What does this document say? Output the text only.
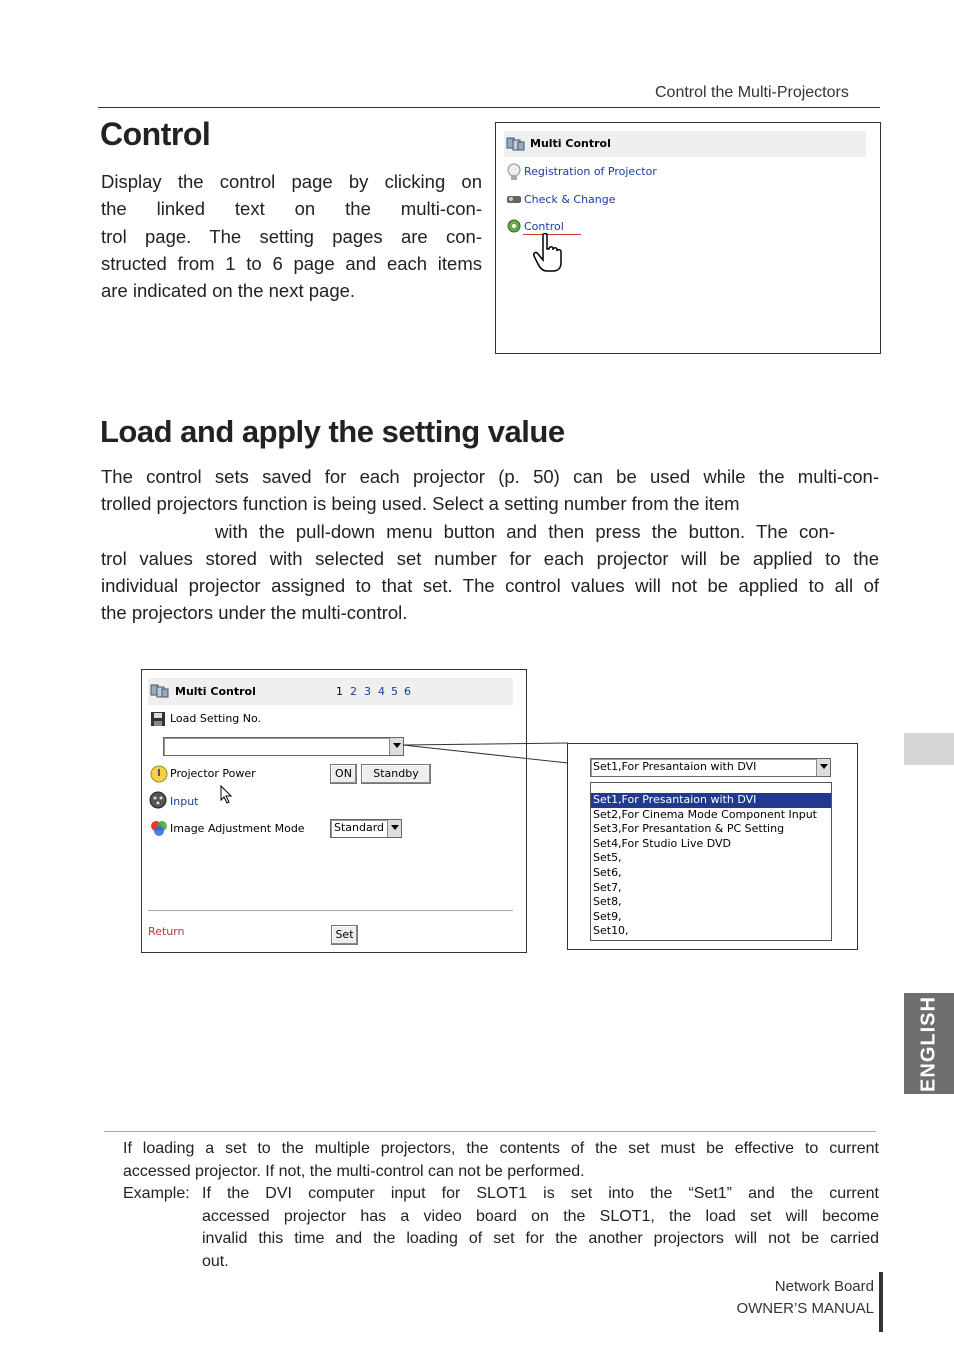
Control the Multi-Projectors
Control
Display the control page by clicking on
the linked text on the multi-con-
trol page. The setting pages are con-
structed from 1 to 6 page and each items
are indicated on the next page.
Multi Control
Registration of Projector
Check & Change
Control
Load and apply the setting value
The control sets saved for each projector (p. 50) can be used while the multi-con-
trolled projectors function is being used. Select a setting number from the item
with the pull-down menu button and then press the button. The con-
trol values stored with selected set number for each projector will be applied to the
individual projector assigned to that set. The control values will not be applied to all of
the projectors under the multi-control.
Multi Control	1 2 3 4 5 6
Load Setting No.
Projector Power	ON	Standby
Input
Image Adjustment Mode	Standard
Return	Set
Set1,For Presantaion with DVI
Set1,For Presantaion with DVI
Set2,For Cinema Mode Component Input
Set3,For Presantation & PC Setting
Set4,For Studio Live DVD
Set5,
Set6,
Set7,
Set8,
Set9,
Set10,
ENGLISH
If loading a set to the multiple projectors, the contents of the set must be effective to current
accessed projector. If not, the multi-control can not be performed.
Example: If the DVI computer input for SLOT1 is set into the “Set1” and the current
accessed projector has a video board on the SLOT1, the load set will become
invalid this time and the loading of set for the another projectors will not be carried
out.
Network Board
OWNER’S MANUAL
